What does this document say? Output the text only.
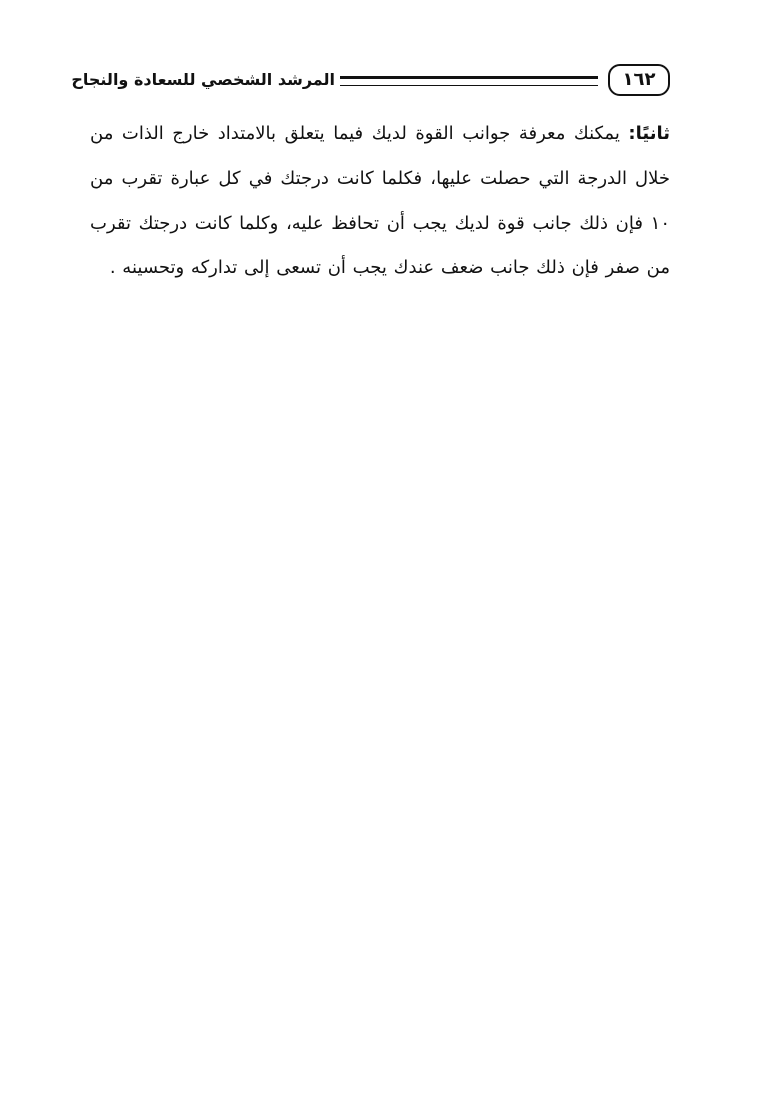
١٦٢
المرشد الشخصي للسعادة والنجاح

ثانيًا: يمكنك معرفة جوانب القوة لديك فيما يتعلق بالامتداد خارج الذات من خلال الدرجة التي حصلت عليها، فكلما كانت درجتك في كل عبارة تقرب من ١٠ فإن ذلك جانب قوة لديك يجب أن تحافظ عليه، وكلما كانت درجتك تقرب من صفر فإن ذلك جانب ضعف عندك يجب أن تسعى إلى تداركه وتحسينه .
